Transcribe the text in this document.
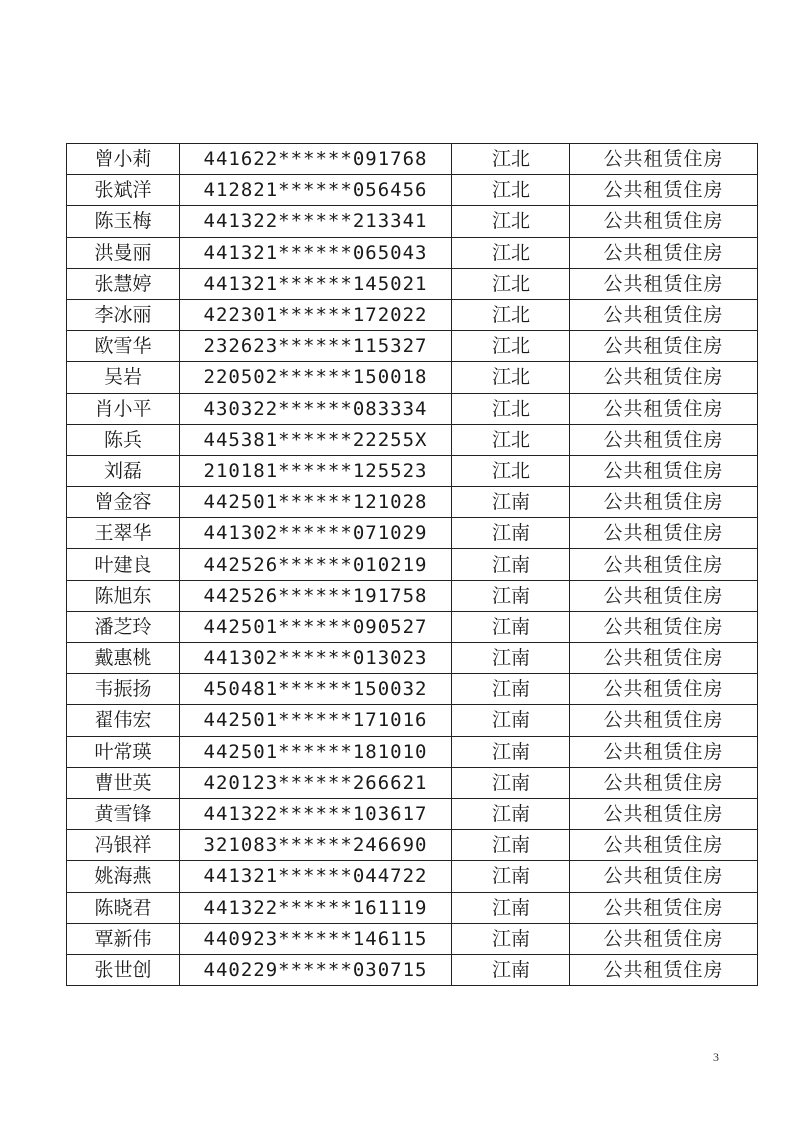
曾小莉	441622******091768	江北	公共租赁住房
张斌洋	412821******056456	江北	公共租赁住房
陈玉梅	441322******213341	江北	公共租赁住房
洪曼丽	441321******065043	江北	公共租赁住房
张慧婷	441321******145021	江北	公共租赁住房
李冰丽	422301******172022	江北	公共租赁住房
欧雪华	232623******115327	江北	公共租赁住房
吴岩	220502******150018	江北	公共租赁住房
肖小平	430322******083334	江北	公共租赁住房
陈兵	445381******22255X	江北	公共租赁住房
刘磊	210181******125523	江北	公共租赁住房
曾金容	442501******121028	江南	公共租赁住房
王翠华	441302******071029	江南	公共租赁住房
叶建良	442526******010219	江南	公共租赁住房
陈旭东	442526******191758	江南	公共租赁住房
潘芝玲	442501******090527	江南	公共租赁住房
戴惠桃	441302******013023	江南	公共租赁住房
韦振扬	450481******150032	江南	公共租赁住房
翟伟宏	442501******171016	江南	公共租赁住房
叶常瑛	442501******181010	江南	公共租赁住房
曹世英	420123******266621	江南	公共租赁住房
黄雪锋	441322******103617	江南	公共租赁住房
冯银祥	321083******246690	江南	公共租赁住房
姚海燕	441321******044722	江南	公共租赁住房
陈晓君	441322******161119	江南	公共租赁住房
覃新伟	440923******146115	江南	公共租赁住房
张世创	440229******030715	江南	公共租赁住房
3
